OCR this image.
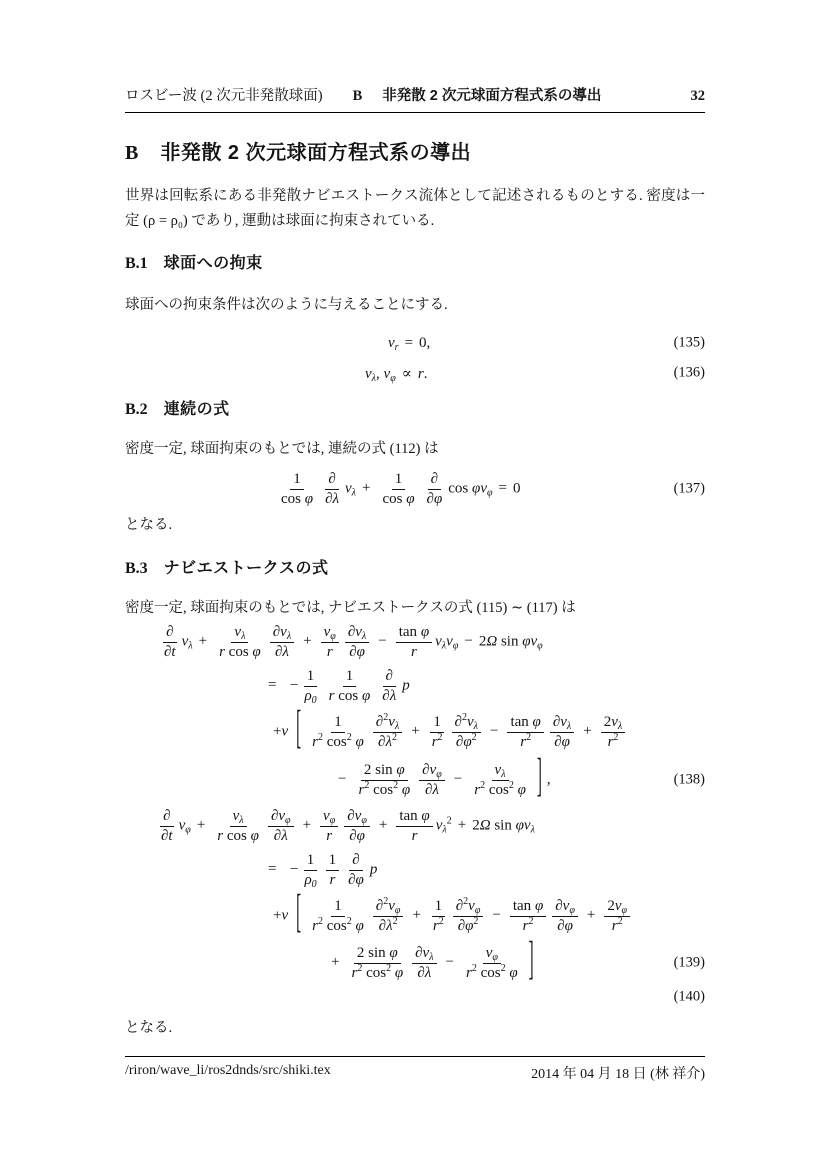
ロスビー波 (2 次元非発散球面) B 非発散 2 次元球面方程式系の導出	32
B 非発散 2 次元球面方程式系の導出
世界は回転系にある非発散ナビエストークス流体として記述されるものとする. 密度は一定 (ρ = ρ₀) であり, 運動は球面に拘束されている.
B.1 球面への拘束
球面への拘束条件は次のように与えることにする.
$v_r = 0$,	(135)
$v_\lambda$, $v_\varphi \propto r$.	(136)
B.2 連続の式
密度一定, 球面拘束のもとでは, 連続の式 (112) は
$\frac{1}{\text{cos φ}} \frac{\partial}{\partial\lambda} v_\lambda + \frac{1}{\text{cos φ}} \frac{\partial}{\partial\varphi}$ $\cos \varphi v_\varphi = 0$	(137)
となる.
B.3 ナビエストークスの式
密度一定, 球面拘束のもとでは, ナビエストークスの式 (115) ∼ (117) は
$\frac{\partial}{\partial t} v_\lambda + \frac{v_\lambda}{\text{r cos φ}} \frac{\partial v_\lambda}{\partial\lambda} + \frac{v_\varphi}{r} \frac{\partial v_\lambda}{\partial\varphi} - \frac{\text{tan φ}}{r} v_\lambda v_\varphi - 2\Omega$ $\sin \varphi v_\varphi$
= − $\frac{1}{\rho_0} \frac{1}{\text{r cos φ}} \frac{\partial}{\partial\lambda}$ p
+ν [ $\frac{1}{r^2 \cos^2 \varphi} \frac{\partial^2v_\lambda}{\partial\lambda^2} + \frac{1}{r^2} \frac{\partial^2v_\lambda}{\partial\varphi^2} - \frac{\text{tan φ}}{r^2} \frac{\partial v_\lambda}{\partial\varphi} + \frac{2v_\lambda}{r^2}$
− $\frac{\text{2 sin φ}}{r^2 \cos^2 \varphi} \frac{\partial v_\varphi}{\partial\lambda} - \frac{v_\lambda}{r^2 \cos^2 \varphi}$ ] ,	(138)
$\frac{\partial}{\partial t} v_\varphi + \frac{v_\lambda}{\text{r cos φ}} \frac{\partial v_\varphi}{\partial\lambda} + \frac{v_\varphi}{r} \frac{\partial v_\varphi}{\partial\varphi} + \frac{\text{tan φ}}{r} v_\lambda^2 + 2\Omega$ $\sin \varphi v_\lambda$
= − $\frac{1}{\rho_0} \frac{1}{r} \frac{\partial}{\partial\varphi}$ p
+ν [ $\frac{1}{r^2 \cos^2 \varphi} \frac{\partial^2v_\varphi}{\partial\lambda^2} + \frac{1}{r^2} \frac{\partial^2v_\varphi}{\partial\varphi^2} - \frac{\text{tan φ}}{r^2} \frac{\partial v_\varphi}{\partial\varphi} + \frac{2v_\varphi}{r^2}$
+ $\frac{\text{2 sin φ}}{r^2 \cos^2 \varphi} \frac{\partial v_\lambda}{\partial\lambda} - \frac{v_\varphi}{r^2 \cos^2 \varphi}$ ]	(139)
(140)
となる.
/riron/wave_li/ros2dnds/src/shiki.tex	2014 年 04 月 18 日 (林 祥介)
